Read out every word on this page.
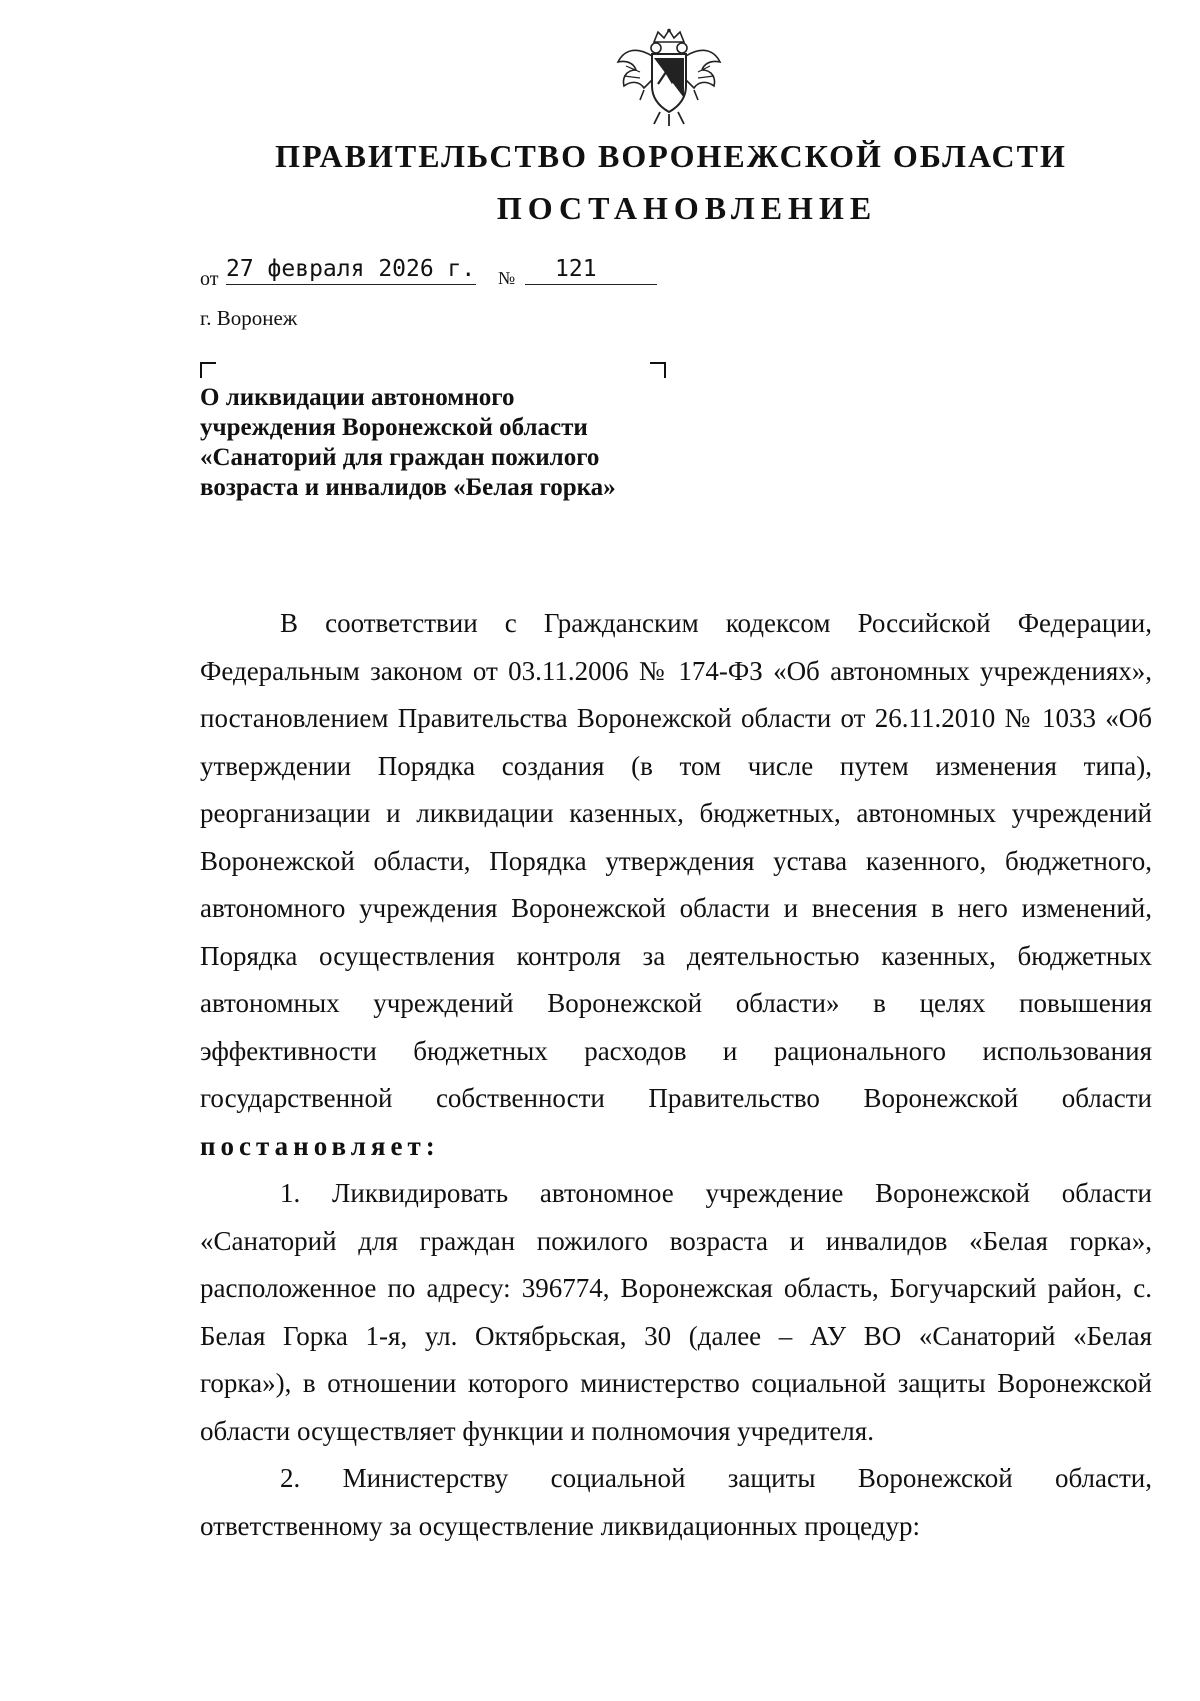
ПРАВИТЕЛЬСТВО ВОРОНЕЖСКОЙ ОБЛАСТИ
ПОСТАНОВЛЕНИЕ
от 27 февраля 2026 г. №	121
г. Воронеж
О ликвидации автономного
учреждения Воронежской области
«Санаторий для граждан пожилого
возраста и инвалидов «Белая горка»
В соответствии с Гражданским кодексом Российской Федерации,
Федеральным законом от 03.11.2006 № 174-ФЗ «Об автономных учреждениях»,
постановлением Правительства Воронежской области от 26.11.2010 № 1033 «Об
утверждении Порядка создания (в том числе путем изменения типа),
реорганизации и ликвидации казенных, бюджетных, автономных учреждений
Воронежской области, Порядка утверждения устава казенного, бюджетного,
автономного учреждения Воронежской области и внесения в него изменений,
Порядка осуществления контроля за деятельностью казенных, бюджетных
автономных учреждений Воронежской области» в целях повышения
эффективности бюджетных расходов и рационального использования
государственной собственности Правительство Воронежской области
постановляет:
1. Ликвидировать автономное учреждение Воронежской области
«Санаторий для граждан пожилого возраста и инвалидов «Белая горка»,
расположенное по адресу: 396774, Воронежская область, Богучарский район, с.
Белая Горка 1-я, ул. Октябрьская, 30 (далее – АУ ВО «Санаторий «Белая
горка»), в отношении которого министерство социальной защиты Воронежской
области осуществляет функции и полномочия учредителя.
2. Министерству социальной защиты Воронежской области,
ответственному за осуществление ликвидационных процедур:
